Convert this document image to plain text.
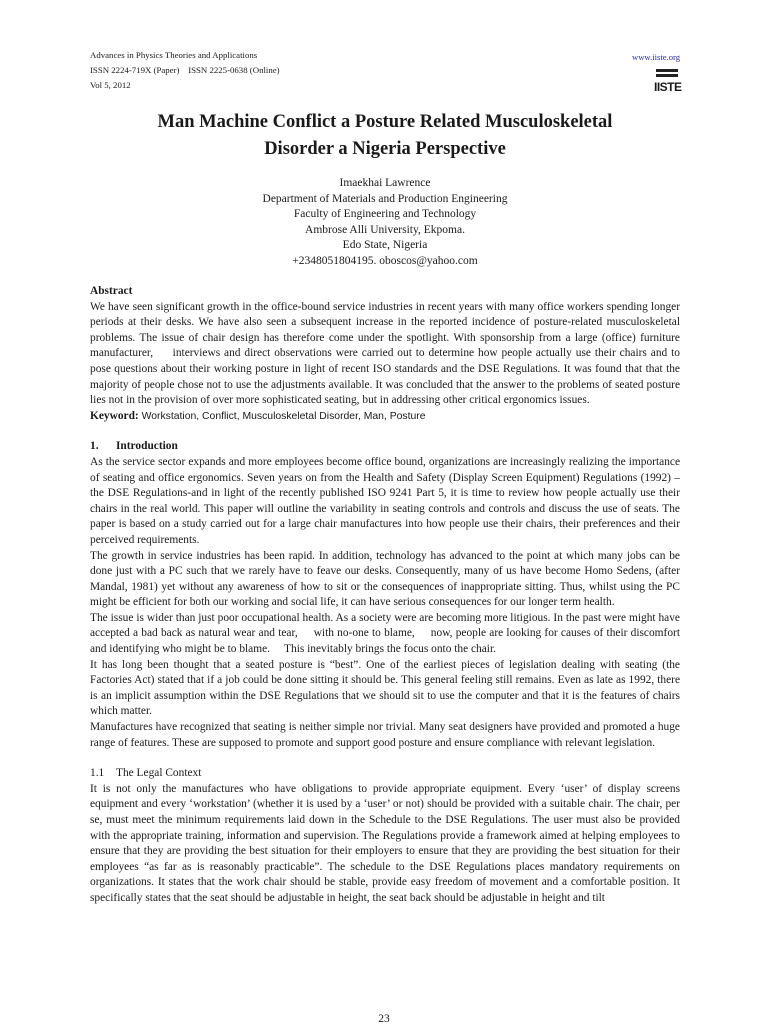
Advances in Physics Theories and Applications
ISSN 2224-719X (Paper)    ISSN 2225-0638 (Online)
Vol 5, 2012
www.iiste.org
IISTE
Man Machine Conflict a Posture Related Musculoskeletal
Disorder a Nigeria Perspective
Imaekhai Lawrence
Department of Materials and Production Engineering
Faculty of Engineering and Technology
Ambrose Alli University, Ekpoma.
Edo State, Nigeria
+2348051804195. oboscos@yahoo.com

Abstract

We have seen significant growth in the office-bound service industries in recent years with many office workers spending longer periods at their desks. We have also seen a subsequent increase in the reported incidence of posture-related musculoskeletal problems. The issue of chair design has therefore come under the spotlight. With sponsorship from a large (office) furniture manufacturer,     interviews and direct observations were carried out to determine how people actually use their chairs and to pose questions about their working posture in light of recent ISO standards and the DSE Regulations. It was found that that the majority of people chose not to use the adjustments available. It was concluded that the answer to the problems of seated posture lies not in the provision of over more sophisticated seating, but in addressing other critical ergonomics issues.

Keyword: Workstation, Conflict, Musculoskeletal Disorder, Man, Posture

1. Introduction

As the service sector expands and more employees become office bound, organizations are increasingly realizing the importance of seating and office ergonomics. Seven years on from the Health and Safety (Display Screen Equipment) Regulations (1992) – the DSE Regulations-and in light of the recently published ISO 9241 Part 5, it is time to review how people actually use their chairs in the real world. This paper will outline the variability in seating controls and controls and discuss the use of seats. The paper is based on a study carried out for a large chair manufactures into how people use their chairs, their preferences and their perceived requirements.

The growth in service industries has been rapid. In addition, technology has advanced to the point at which many jobs can be done just with a PC such that we rarely have to feave our desks. Consequently, many of us have become Homo Sedens, (after Mandal, 1981) yet without any awareness of how to sit or the consequences of inappropriate sitting. Thus, whilst using the PC might be efficient for both our working and social life, it can have serious consequences for our longer term health.

The issue is wider than just poor occupational health. As a society were are becoming more litigious. In the past were might have accepted a bad back as natural wear and tear,     with no-one to blame,     now, people are looking for causes of their discomfort and identifying who might be to blame.     This inevitably brings the focus onto the chair.

It has long been thought that a seated posture is “best”. One of the earliest pieces of legislation dealing with seating (the Factories Act) stated that if a job could be done sitting it should be. This general feeling still remains. Even as late as 1992, there is an implicit assumption within the DSE Regulations that we should sit to use the computer and that it is the features of chairs which matter.

Manufactures have recognized that seating is neither simple nor trivial. Many seat designers have provided and promoted a huge range of features. These are supposed to promote and support good posture and ensure compliance with relevant legislation.

1.1 The Legal Context

It is not only the manufactures who have obligations to provide appropriate equipment. Every ‘user’ of display screens equipment and every ‘workstation’ (whether it is used by a ‘user’ or not) should be provided with a suitable chair. The chair, per se, must meet the minimum requirements laid down in the Schedule to the DSE Regulations. The user must also be provided with the appropriate training, information and supervision. The Regulations provide a framework aimed at helping employees to ensure that they are providing the best situation for their employers to ensure that they are providing the best situation for their employees “as far as is reasonably practicable”. The schedule to the DSE Regulations places mandatory requirements on organizations. It states that the work chair should be stable, provide easy freedom of movement and a comfortable position. It specifically states that the seat should be adjustable in height, the seat back should be adjustable in height and tilt

23
